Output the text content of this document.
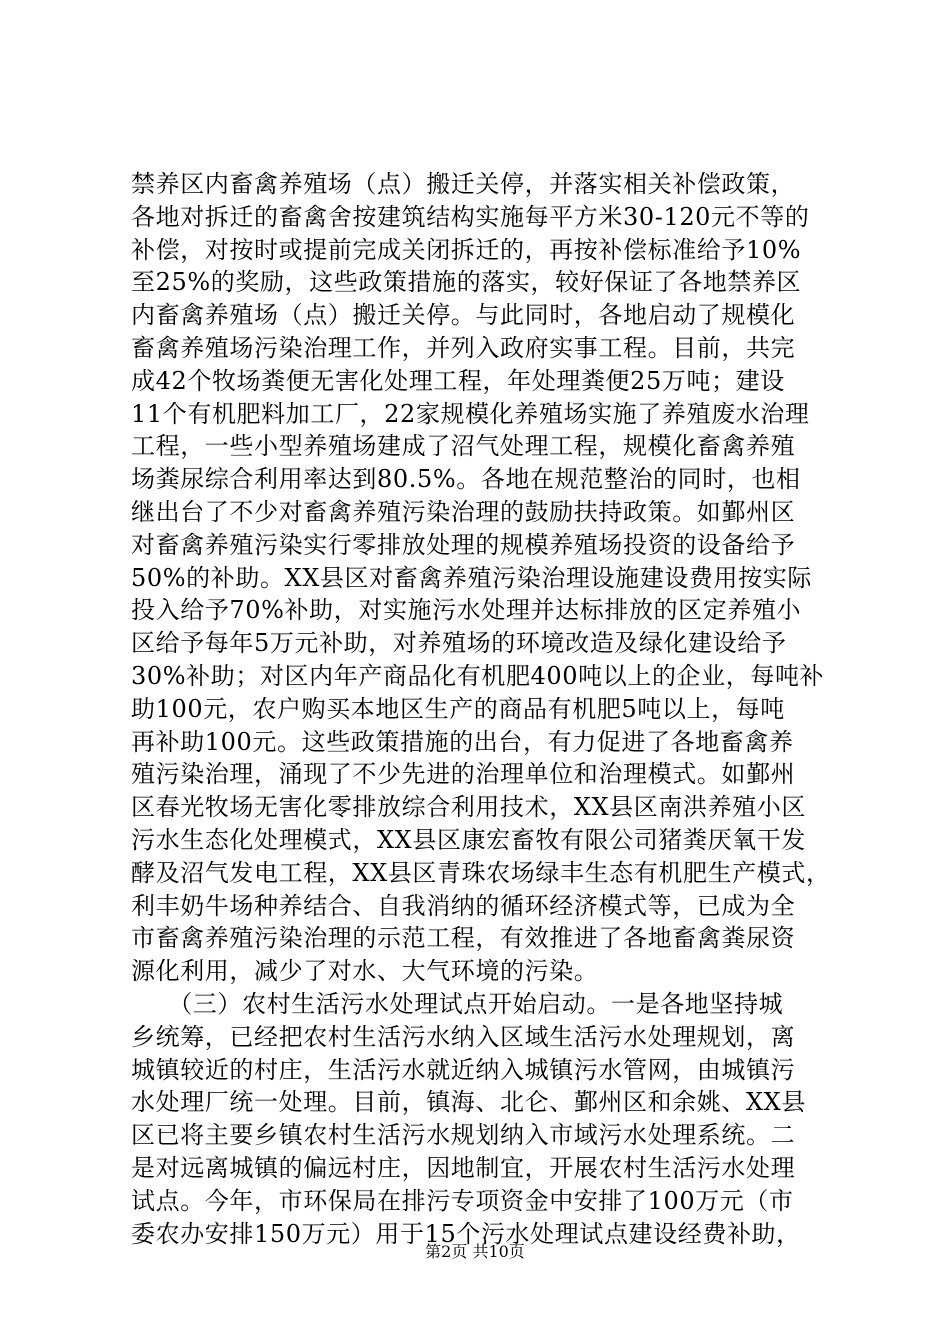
禁养区内畜禽养殖场（点）搬迁关停，并落实相关补偿政策，
各地对拆迁的畜禽舍按建筑结构实施每平方米30-120元不等的
补偿，对按时或提前完成关闭拆迁的，再按补偿标准给予10%
至25%的奖励，这些政策措施的落实，较好保证了各地禁养区
内畜禽养殖场（点）搬迁关停。与此同时，各地启动了规模化
畜禽养殖场污染治理工作，并列入政府实事工程。目前，共完
成42个牧场粪便无害化处理工程，年处理粪便25万吨；建设
11个有机肥料加工厂，22家规模化养殖场实施了养殖废水治理
工程，一些小型养殖场建成了沼气处理工程，规模化畜禽养殖
场粪尿综合利用率达到80.5%。各地在规范整治的同时，也相
继出台了不少对畜禽养殖污染治理的鼓励扶持政策。如鄞州区
对畜禽养殖污染实行零排放处理的规模养殖场投资的设备给予
50%的补助。XX县区对畜禽养殖污染治理设施建设费用按实际
投入给予70%补助，对实施污水处理并达标排放的区定养殖小
区给予每年5万元补助，对养殖场的环境改造及绿化建设给予
30%补助；对区内年产商品化有机肥400吨以上的企业，每吨补
助100元，农户购买本地区生产的商品有机肥5吨以上，每吨
再补助100元。这些政策措施的出台，有力促进了各地畜禽养
殖污染治理，涌现了不少先进的治理单位和治理模式。如鄞州
区春光牧场无害化零排放综合利用技术，XX县区南洪养殖小区
污水生态化处理模式，XX县区康宏畜牧有限公司猪粪厌氧干发
酵及沼气发电工程，XX县区青珠农场绿丰生态有机肥生产模式，
利丰奶牛场种养结合、自我消纳的循环经济模式等，已成为全
市畜禽养殖污染治理的示范工程，有效推进了各地畜禽粪尿资
源化利用，减少了对水、大气环境的污染。
　　（三）农村生活污水处理试点开始启动。一是各地坚持城
乡统筹，已经把农村生活污水纳入区域生活污水处理规划，离
城镇较近的村庄，生活污水就近纳入城镇污水管网，由城镇污
水处理厂统一处理。目前，镇海、北仑、鄞州区和余姚、XX县
区已将主要乡镇农村生活污水规划纳入市域污水处理系统。二
是对远离城镇的偏远村庄，因地制宜，开展农村生活污水处理
试点。今年，市环保局在排污专项资金中安排了100万元（市
委农办安排150万元）用于15个污水处理试点建设经费补助，
第2页 共10页
